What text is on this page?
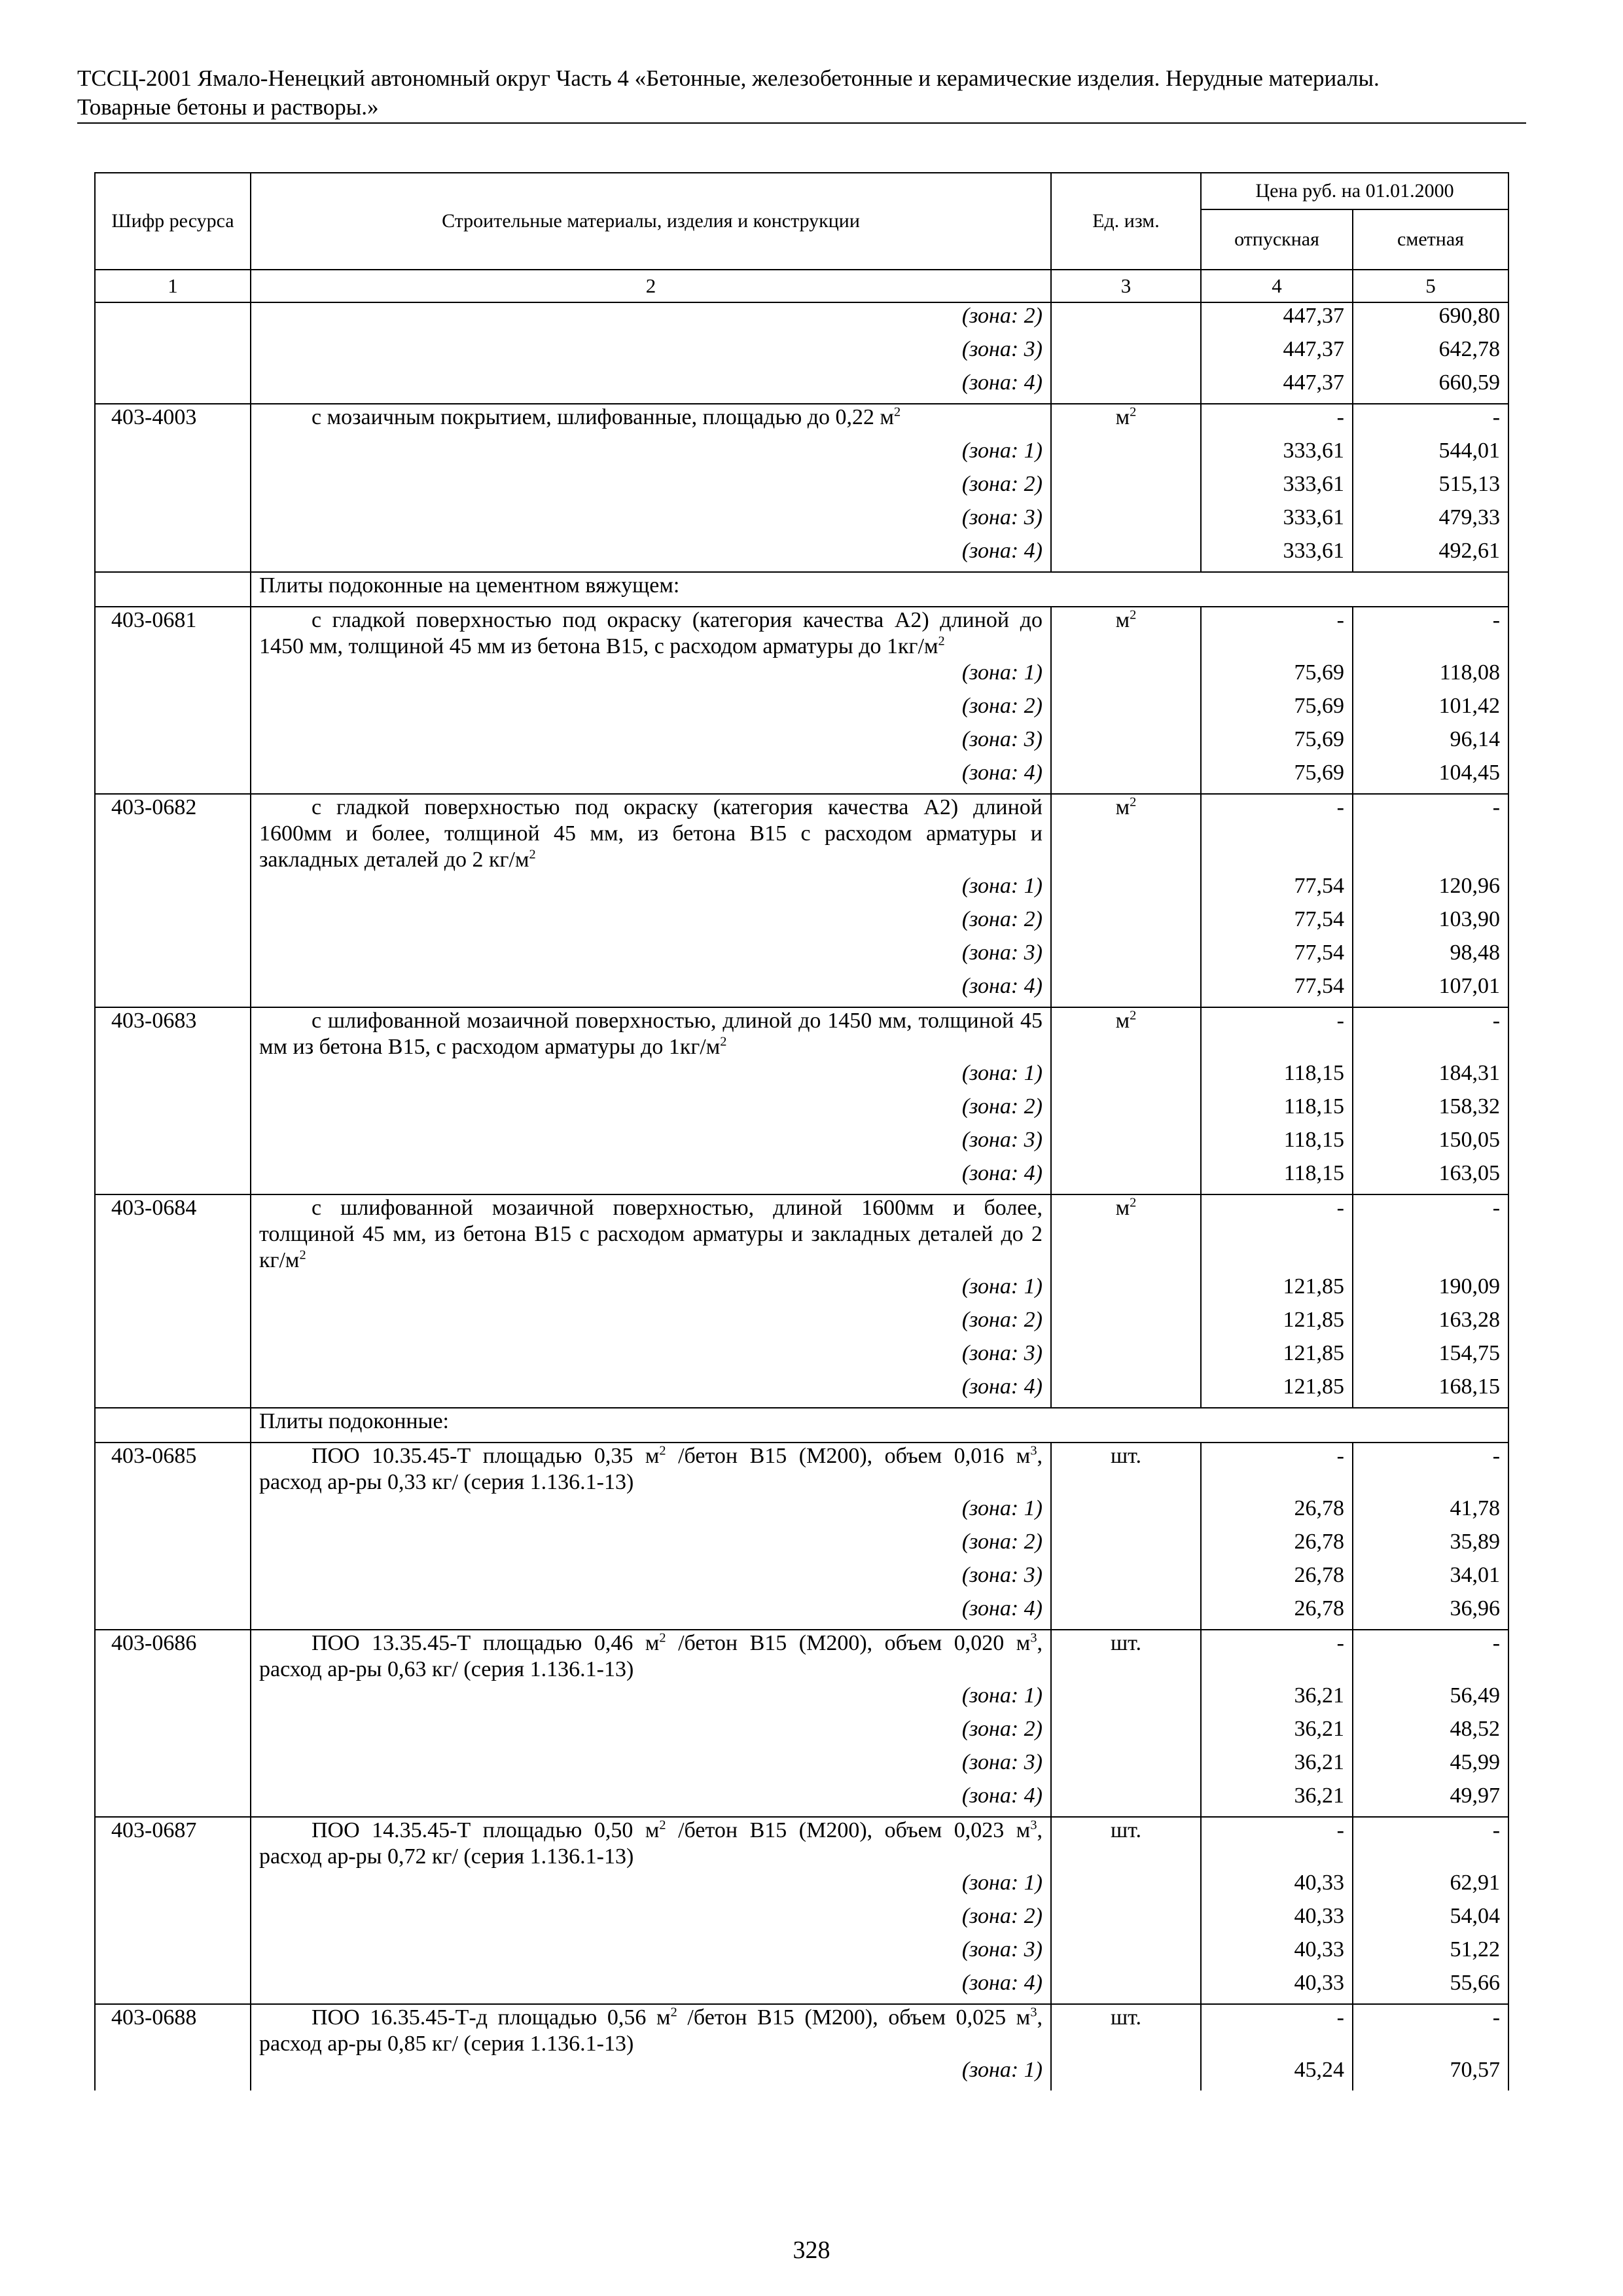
ТССЦ-2001 Ямало-Ненецкий автономный округ Часть 4 «Бетонные, железобетонные и керамические изделия. Нерудные материалы.
Товарные бетоны и растворы.»
Шифр ресурса	Строительные материалы, изделия и конструкции	Ед. изм.	Цена руб. на 01.01.2000	
			отпускная	сметная
1	2	3	4	5
	(зона: 2)		447,37	690,80
	(зона: 3)		447,37	642,78
	(зона: 4)		447,37	660,59
403-4003	с мозаичным покрытием, шлифованные, площадью до 0,22 $м^2$	$м^2$	-	-
	(зона: 1)		333,61	544,01
	(зона: 2)		333,61	515,13
	(зона: 3)		333,61	479,33
	(зона: 4)		333,61	492,61
	Плиты подоконные на цементном вяжущем:			
403-0681	с гладкой поверхностью под окраску (категория качества А2) длиной до 1450 мм, толщиной 45 мм из бетона В15, с расходом арматуры до $1кг/м^2$	$м^2$	-	-
	(зона: 1)		75,69	118,08
	(зона: 2)		75,69	101,42
	(зона: 3)		75,69	96,14
	(зона: 4)		75,69	104,45
403-0682	с гладкой поверхностью под окраску (категория качества А2) длиной 1600мм и более, толщиной 45 мм, из бетона В15 с расходом арматуры и закладных деталей до 2 $кг/м^2$	$м^2$	-	-
	(зона: 1)		77,54	120,96
	(зона: 2)		77,54	103,90
	(зона: 3)		77,54	98,48
	(зона: 4)		77,54	107,01
403-0683	с шлифованной мозаичной поверхностью, длиной до 1450 мм, толщиной 45 мм из бетона В15, с расходом арматуры до $1кг/м^2$	$м^2$	-	-
	(зона: 1)		118,15	184,31
	(зона: 2)		118,15	158,32
	(зона: 3)		118,15	150,05
	(зона: 4)		118,15	163,05
403-0684	с шлифованной мозаичной поверхностью, длиной 1600мм и более, толщиной 45 мм, из бетона В15 с расходом арматуры и закладных деталей до 2 $кг/м^2$	$м^2$	-	-
	(зона: 1)		121,85	190,09
	(зона: 2)		121,85	163,28
	(зона: 3)		121,85	154,75
	(зона: 4)		121,85	168,15
	Плиты подоконные:			
403-0685	ПОО 10.35.45-Т площадью 0,35 $м^2$ /бетон В15 (М200), объем 0,016 $м^3$, расход ар-ры 0,33 кг/ (серия 1.136.1-13)	шт.	-	-
	(зона: 1)		26,78	41,78
	(зона: 2)		26,78	35,89
	(зона: 3)		26,78	34,01
	(зона: 4)		26,78	36,96
403-0686	ПОО 13.35.45-Т площадью 0,46 $м^2$ /бетон В15 (М200), объем 0,020 $м^3$, расход ар-ры 0,63 кг/ (серия 1.136.1-13)	шт.	-	-
	(зона: 1)		36,21	56,49
	(зона: 2)		36,21	48,52
	(зона: 3)		36,21	45,99
	(зона: 4)		36,21	49,97
403-0687	ПОО 14.35.45-Т площадью 0,50 $м^2$ /бетон В15 (М200), объем 0,023 $м^3$, расход ар-ры 0,72 кг/ (серия 1.136.1-13)	шт.	-	-
	(зона: 1)		40,33	62,91
	(зона: 2)		40,33	54,04
	(зона: 3)		40,33	51,22
	(зона: 4)		40,33	55,66
403-0688	ПОО 16.35.45-Т-д площадью 0,56 $м^2$ /бетон В15 (М200), объем 0,025 $м^3$, расход ар-ры 0,85 кг/ (серия 1.136.1-13)	шт.	-	-
	(зона: 1)		45,24	70,57
328
